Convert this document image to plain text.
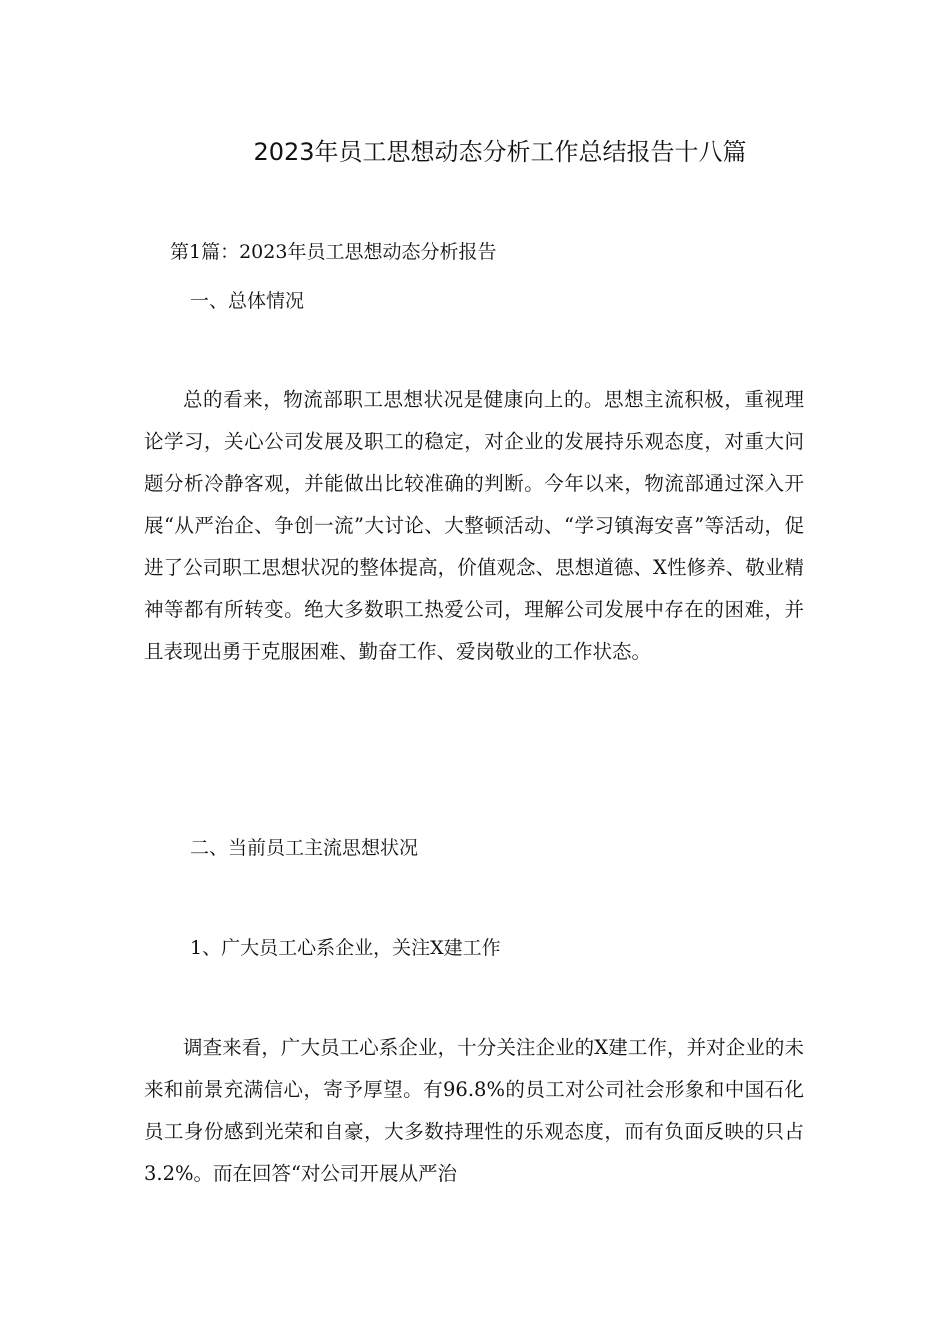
2023年员工思想动态分析工作总结报告十八篇
第1篇：2023年员工思想动态分析报告
一、总体情况

总的看来，物流部职工思想状况是健康向上的。思想主流积极，重视理论学习，关心公司发展及职工的稳定，对企业的发展持乐观态度，对重大问题分析冷静客观，并能做出比较准确的判断。今年以来，物流部通过深入开展“从严治企、争创一流”大讨论、大整顿活动、“学习镇海安喜”等活动，促进了公司职工思想状况的整体提高，价值观念、思想道德、X性修养、敬业精神等都有所转变。绝大多数职工热爱公司，理解公司发展中存在的困难，并且表现出勇于克服困难、勤奋工作、爱岗敬业的工作状态。

二、当前员工主流思想状况
1、广大员工心系企业，关注X建工作

调查来看，广大员工心系企业，十分关注企业的X建工作，并对企业的未来和前景充满信心，寄予厚望。有96.8%的员工对公司社会形象和中国石化员工身份感到光荣和自豪，大多数持理性的乐观态度，而有负面反映的只占3.2%。而在回答“对公司开展从严治
